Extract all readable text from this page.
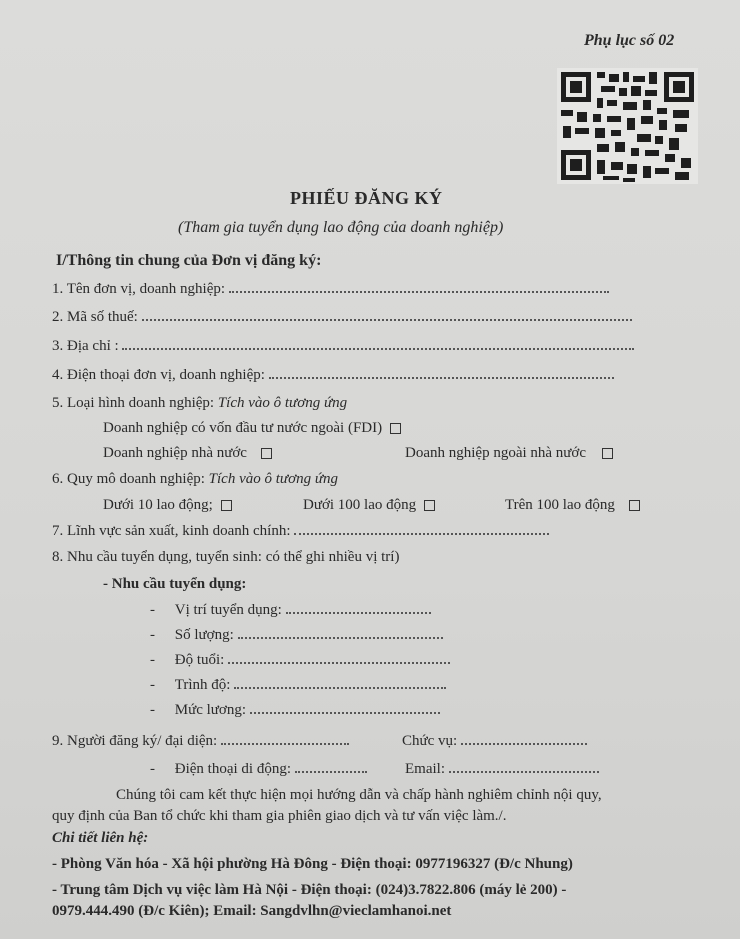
Phụ lục số 02
PHIẾU ĐĂNG KÝ
(Tham gia tuyển dụng lao động của doanh nghiệp)
I/Thông tin chung của Đơn vị đăng ký:
1. Tên đơn vị, doanh nghiệp:
2. Mã số thuế:
3. Địa chỉ :
4. Điện thoại đơn vị, doanh nghiệp:
5. Loại hình doanh nghiệp: Tích vào ô tương ứng
Doanh nghiệp có vốn đầu tư nước ngoài (FDI)
Doanh nghiệp nhà nước	Doanh nghiệp ngoài nhà nước
6. Quy mô doanh nghiệp: Tích vào ô tương ứng
Dưới 10 lao động;	Dưới 100 lao động	Trên 100 lao động
7. Lĩnh vực sản xuất, kinh doanh chính:
8. Nhu cầu tuyển dụng, tuyển sinh: có thể ghi nhiều vị trí)
- Nhu cầu tuyển dụng:
- Vị trí tuyển dụng:
- Số lượng:
- Độ tuổi:
- Trình độ:
- Mức lương:
9. Người đăng ký/ đại diện:	Chức vụ:
- Điện thoại di động:	Email:
Chúng tôi cam kết thực hiện mọi hướng dẫn và chấp hành nghiêm chỉnh nội quy,
quy định của Ban tổ chức khi tham gia phiên giao dịch và tư vấn việc làm./.
Chi tiết liên hệ:
- Phòng Văn hóa - Xã hội phường Hà Đông - Điện thoại: 0977196327 (Đ/c Nhung)
- Trung tâm Dịch vụ việc làm Hà Nội - Điện thoại: (024)3.7822.806 (máy lẻ 200) -
0979.444.490 (Đ/c Kiên); Email: Sangdvlhn@vieclamhanoi.net
